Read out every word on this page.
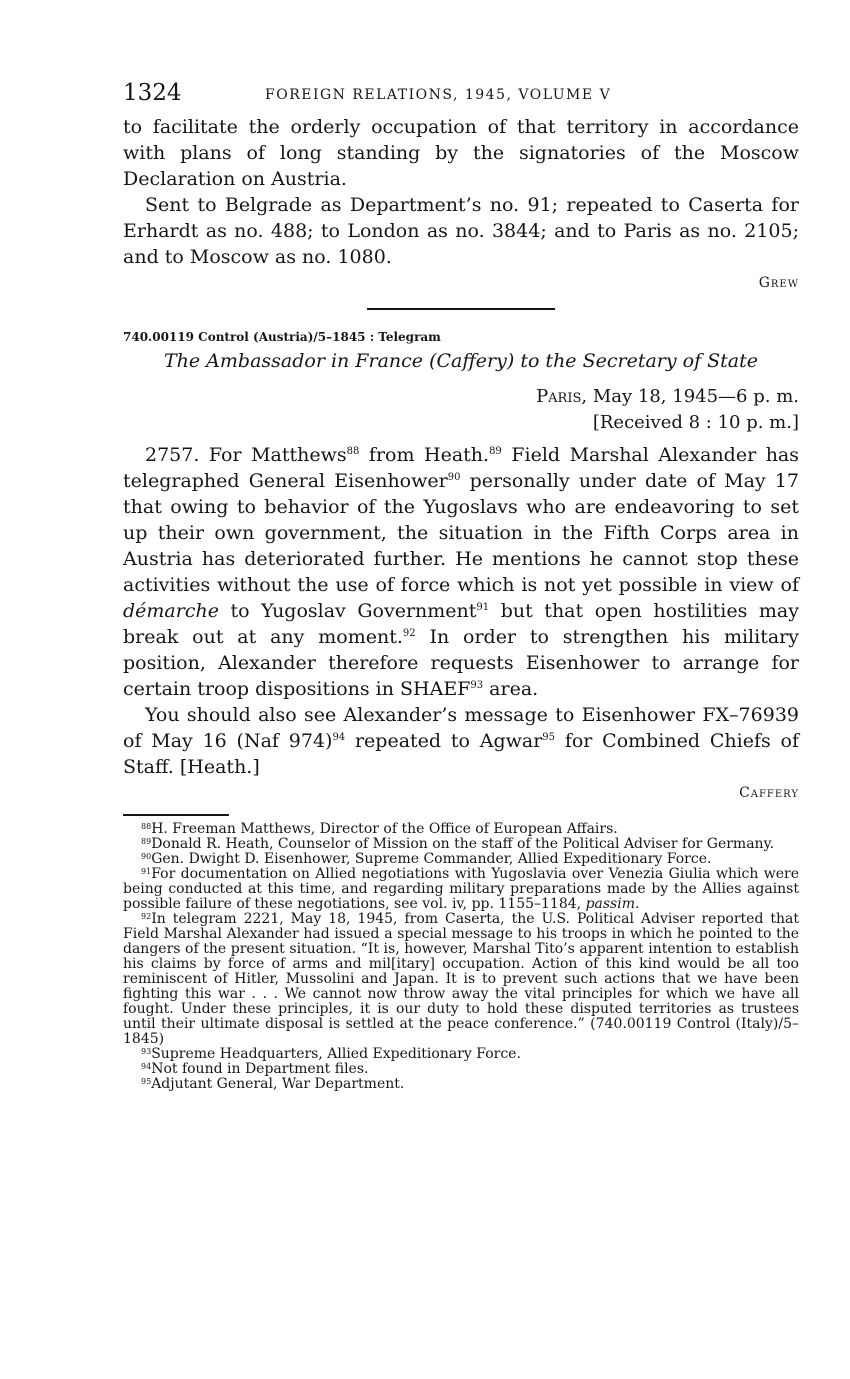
1324	FOREIGN RELATIONS, 1945, VOLUME V

to facilitate the orderly occupation of that territory in accordance with plans of long standing by the signatories of the Moscow Declaration on Austria.

Sent to Belgrade as Department’s no. 91; repeated to Caserta for Erhardt as no. 488; to London as no. 3844; and to Paris as no. 2105; and to Moscow as no. 1080.

Grew

740.00119 Control (Austria)/5–1845 : Telegram

The Ambassador in France (Caffery) to the Secretary of State

Paris, May 18, 1945—6 p. m.
[Received 8 : 10 p. m.]

2757. For Matthews$^{88}$ from Heath.$^{89}$ Field Marshal Alexander has telegraphed General Eisenhower$^{90}$ personally under date of May 17 that owing to behavior of the Yugoslavs who are endeavoring to set up their own government, the situation in the Fifth Corps area in Austria has deteriorated further. He mentions he cannot stop these activities without the use of force which is not yet possible in view of démarche to Yugoslav Government$^{91}$ but that open hostilities may break out at any moment.$^{92}$ In order to strengthen his military position, Alexander therefore requests Eisenhower to arrange for certain troop dispositions in SHAEF$^{93}$ area.

You should also see Alexander’s message to Eisenhower FX–76939 of May 16 (Naf 974)$^{94}$ repeated to Agwar$^{95}$ for Combined Chiefs of Staff. [Heath.]

Caffery

$^{88}$H. Freeman Matthews, Director of the Office of European Affairs.

$^{89}$Donald R. Heath, Counselor of Mission on the staff of the Political Adviser for Germany.

$^{90}$Gen. Dwight D. Eisenhower, Supreme Commander, Allied Expeditionary Force.

$^{91}$For documentation on Allied negotiations with Yugoslavia over Venezia Giulia which were being conducted at this time, and regarding military preparations made by the Allies against possible failure of these negotiations, see vol. iv, pp. 1155–1184, passim.

$^{92}$In telegram 2221, May 18, 1945, from Caserta, the U.S. Political Adviser reported that Field Marshal Alexander had issued a special message to his troops in which he pointed to the dangers of the present situation. “It is, however, Marshal Tito’s apparent intention to establish his claims by force of arms and mil[itary] occupation. Action of this kind would be all too reminiscent of Hitler, Mussolini and Japan. It is to prevent such actions that we have been fighting this war . . . We cannot now throw away the vital principles for which we have all fought. Under these principles, it is our duty to hold these disputed territories as trustees until their ultimate disposal is settled at the peace conference.” (740.00119 Control (Italy)/5–1845)

$^{93}$Supreme Headquarters, Allied Expeditionary Force.

$^{94}$Not found in Department files.

$^{95}$Adjutant General, War Department.
